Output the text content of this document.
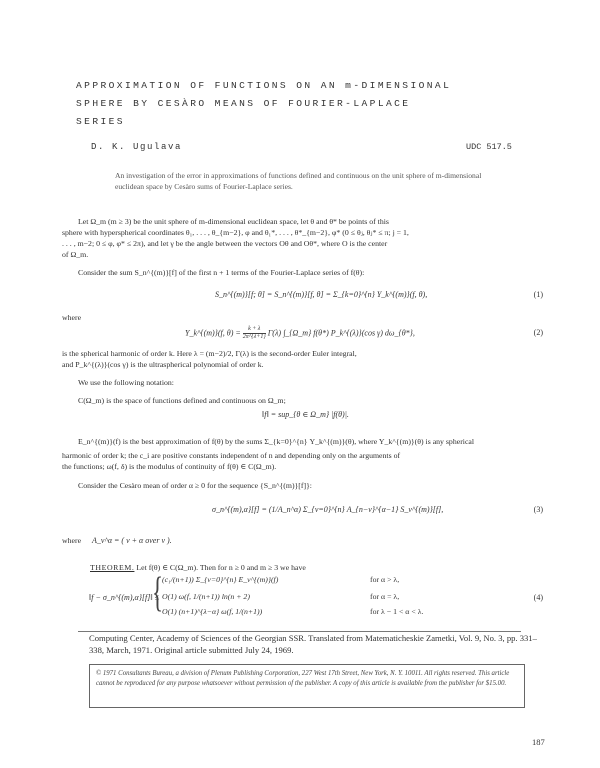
APPROXIMATION OF FUNCTIONS ON AN m-DIMENSIONAL
SPHERE BY CESÀRO MEANS OF FOURIER-LAPLACE
SERIES
D. K. Ugulava	UDC 517.5
An investigation of the error in approximations of functions defined and continuous on the unit sphere of m-dimensional euclidean space by Cesàro sums of Fourier-Laplace series.
Let Ω_m (m ≥ 3) be the unit sphere of m-dimensional euclidean space, let θ and θ* be points of this
sphere with hyperspherical coordinates θ₁, . . . , θ_{m−2}, φ and θ₁*, . . . , θ*_{m−2}, φ* (0 ≤ θⱼ, θⱼ* ≤ π; j = 1,
. . . , m−2; 0 ≤ φ, φ* ≤ 2π), and let γ be the angle between the vectors Oθ and Oθ*, where O is the center
of Ω_m.
Consider the sum S_n^{(m)}[f] of the first n + 1 terms of the Fourier-Laplace series of f(θ):
S_n^{(m)}[f; θ] = S_n^{(m)}[f, θ] = Σ_{k=0}^{n} Y_k^{(m)}(f, θ),	(1)
where
Y_k^{(m)}(f, $\theta) = \frac{k + \lambda}{2\pi\^{}\{\lambda+1\}} \Gamma(\lambda)$ ∫_{Ω_m} f(θ*) P_k^{(λ)}(cos γ) dω_{θ*},	(2)
is the spherical harmonic of order k. Here λ = (m−2)/2, Γ(λ) is the second-order Euler integral,
and P_k^{(λ)}(cos γ) is the ultraspherical polynomial of order k.
We use the following notation:
C(Ω_m) is the space of functions defined and continuous on Ω_m;
‖f‖ = sup_{θ ∈ Ω_m} |f(θ)|.
E_n^{(m)}(f) is the best approximation of f(θ) by the sums Σ_{k=0}^{n} Y_k^{(m)}(θ), where Y_k^{(m)}(θ) is any spherical
harmonic of order k; the c_i are positive constants independent of n and depending only on the arguments of
the functions; ω(f, δ) is the modulus of continuity of f(θ) ∈ C(Ω_m).
Consider the Cesàro mean of order α ≥ 0 for the sequence {S_n^{(m)}[f]}:
σ_n^{(m),α}[f] = (1/A_n^α) Σ_{ν=0}^{n} A_{n−ν}^{α−1} S_ν^{(m)}[f],	(3)
where A_ν^α = ( ν + α over ν ).
THEOREM. Let f(θ) ∈ C(Ω_m). Then for n ≥ 0 and m ≥ 3 we have
‖f − σ_n^{(m),α}[f]‖ ≤
{
(c₁/(n+1)) Σ_{ν=0}^{n} E_ν^{(m)}(f)	for α > λ,
O(1) ω(f, 1/(n+1)) ln(n + 2)	for α = λ,
O(1) (n+1)^{λ−α} ω(f, 1/(n+1))	for λ − 1 < α < λ.
(4)
Computing Center, Academy of Sciences of the Georgian SSR. Translated from Matematicheskie Zametki, Vol. 9, No. 3, pp. 331–338, March, 1971. Original article submitted July 24, 1969.
© 1971 Consultants Bureau, a division of Plenum Publishing Corporation, 227 West 17th Street, New York, N. Y. 10011. All rights reserved. This article cannot be reproduced for any purpose whatsoever without permission of the publisher. A copy of this article is available from the publisher for $15.00.
187
